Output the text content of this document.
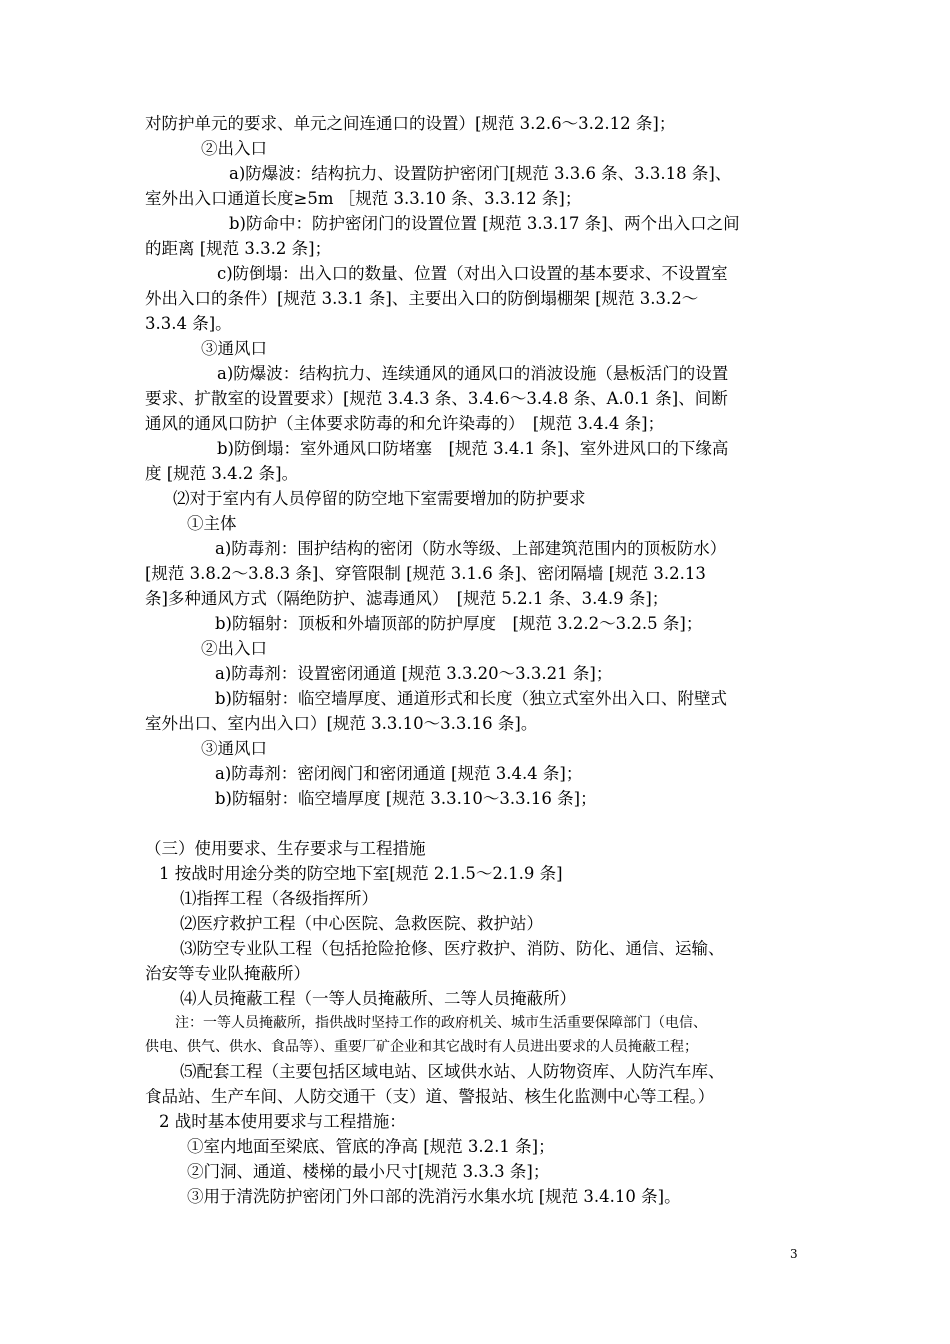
对防护单元的要求、单元之间连通口的设置）[规范 3.2.6～3.2.12 条]；

②出入口

a)防爆波：结构抗力、设置防护密闭门[规范 3.3.6 条、3.3.18 条]、

室外出入口通道长度≥5m ［规范 3.3.10 条、3.3.12 条]；

b)防命中：防护密闭门的设置位置 [规范 3.3.17 条]、两个出入口之间

的距离 [规范 3.3.2 条]；

c)防倒塌：出入口的数量、位置（对出入口设置的基本要求、不设置室

外出入口的条件）[规范 3.3.1 条]、主要出入口的防倒塌棚架 [规范 3.3.2～

3.3.4 条]。

③通风口

a)防爆波：结构抗力、连续通风的通风口的消波设施（悬板活门的设置

要求、扩散室的设置要求）[规范 3.4.3 条、3.4.6～3.4.8 条、A.0.1 条]、间断

通风的通风口防护（主体要求防毒的和允许染毒的）　[规范 3.4.4 条]；

b)防倒塌：室外通风口防堵塞　[规范 3.4.1 条]、室外进风口的下缘高

度 [规范 3.4.2 条]。

⑵对于室内有人员停留的防空地下室需要增加的防护要求

①主体

a)防毒剂：围护结构的密闭（防水等级、上部建筑范围内的顶板防水）

[规范 3.8.2～3.8.3 条]、穿管限制 [规范 3.1.6 条]、密闭隔墙 [规范 3.2.13

条]多种通风方式（隔绝防护、滤毒通风）　[规范 5.2.1 条、3.4.9 条]；

b)防辐射：顶板和外墙顶部的防护厚度　[规范 3.2.2～3.2.5 条]；

②出入口

a)防毒剂：设置密闭通道 [规范 3.3.20～3.3.21 条]；

b)防辐射：临空墙厚度、通道形式和长度（独立式室外出入口、附壁式

室外出口、室内出入口）[规范 3.3.10～3.3.16 条]。

③通风口

a)防毒剂：密闭阀门和密闭通道 [规范 3.4.4 条]；

b)防辐射：临空墙厚度 [规范 3.3.10～3.3.16 条]；

（三）使用要求、生存要求与工程措施

1 按战时用途分类的防空地下室[规范 2.1.5～2.1.9 条]

⑴指挥工程（各级指挥所）

⑵医疗救护工程（中心医院、急救医院、救护站）

⑶防空专业队工程（包括抢险抢修、医疗救护、消防、防化、通信、运输、

治安等专业队掩蔽所）

⑷人员掩蔽工程（一等人员掩蔽所、二等人员掩蔽所）

注：一等人员掩蔽所，指供战时坚持工作的政府机关、城市生活重要保障部门（电信、

供电、供气、供水、食品等）、重要厂矿企业和其它战时有人员进出要求的人员掩蔽工程；

⑸配套工程（主要包括区域电站、区域供水站、人防物资库、人防汽车库、

食品站、生产车间、人防交通干（支）道、警报站、核生化监测中心等工程。）

2 战时基本使用要求与工程措施：

①室内地面至梁底、管底的净高 [规范 3.2.1 条]；

②门洞、通道、楼梯的最小尺寸[规范 3.3.3 条]；

③用于清洗防护密闭门外口部的洗消污水集水坑 [规范 3.4.10 条]。

3
